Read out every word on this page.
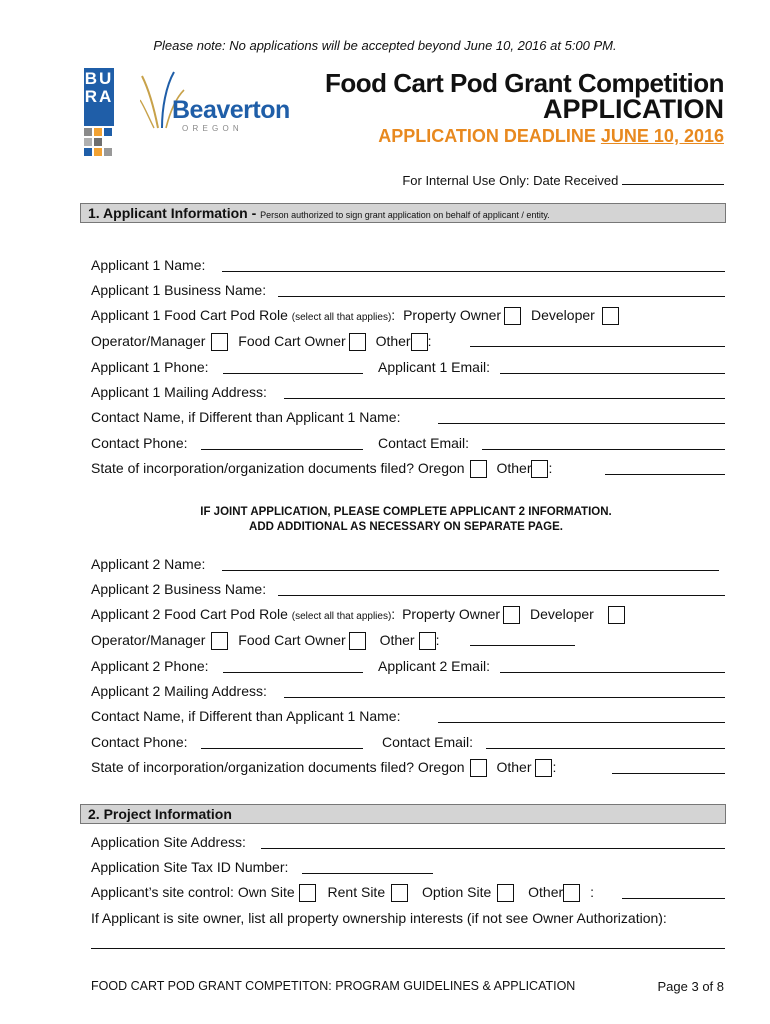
Please note: No applications will be accepted beyond June 10, 2016 at 5:00 PM.
BU
RA Beaverton
O R E G O N
Food Cart Pod Grant Competition
APPLICATION
APPLICATION DEADLINE JUNE 10, 2016
For Internal Use Only: Date Received
1. Applicant Information - Person authorized to sign grant application on behalf of applicant / entity.
Applicant 1 Name:
Applicant 1 Business Name:
Applicant 1 Food Cart Pod Role (select all that applies): Property Owner Developer
Operator/Manager Food Cart Owner Other :
Applicant 1 Phone:	Applicant 1 Email:
Applicant 1 Mailing Address:
Contact Name, if Different than Applicant 1 Name:
Contact Phone:	Contact Email:
State of incorporation/organization documents filed? Oregon Other :
IF JOINT APPLICATION, PLEASE COMPLETE APPLICANT 2 INFORMATION.
ADD ADDITIONAL AS NECESSARY ON SEPARATE PAGE.
Applicant 2 Name:
Applicant 2 Business Name:
Applicant 2 Food Cart Pod Role (select all that applies): Property Owner Developer
Operator/Manager Food Cart Owner Other :
Applicant 2 Phone:	Applicant 2 Email:
Applicant 2 Mailing Address:
Contact Name, if Different than Applicant 1 Name:
Contact Phone:	Contact Email:
State of incorporation/organization documents filed? Oregon Other :
2. Project Information
Application Site Address:
Application Site Tax ID Number:
Applicant’s site control: Own Site Rent Site	Option Site	Other :
If Applicant is site owner, list all property ownership interests (if not see Owner Authorization):
FOOD CART POD GRANT COMPETITON: PROGRAM GUIDELINES & APPLICATION	Page 3 of 8
